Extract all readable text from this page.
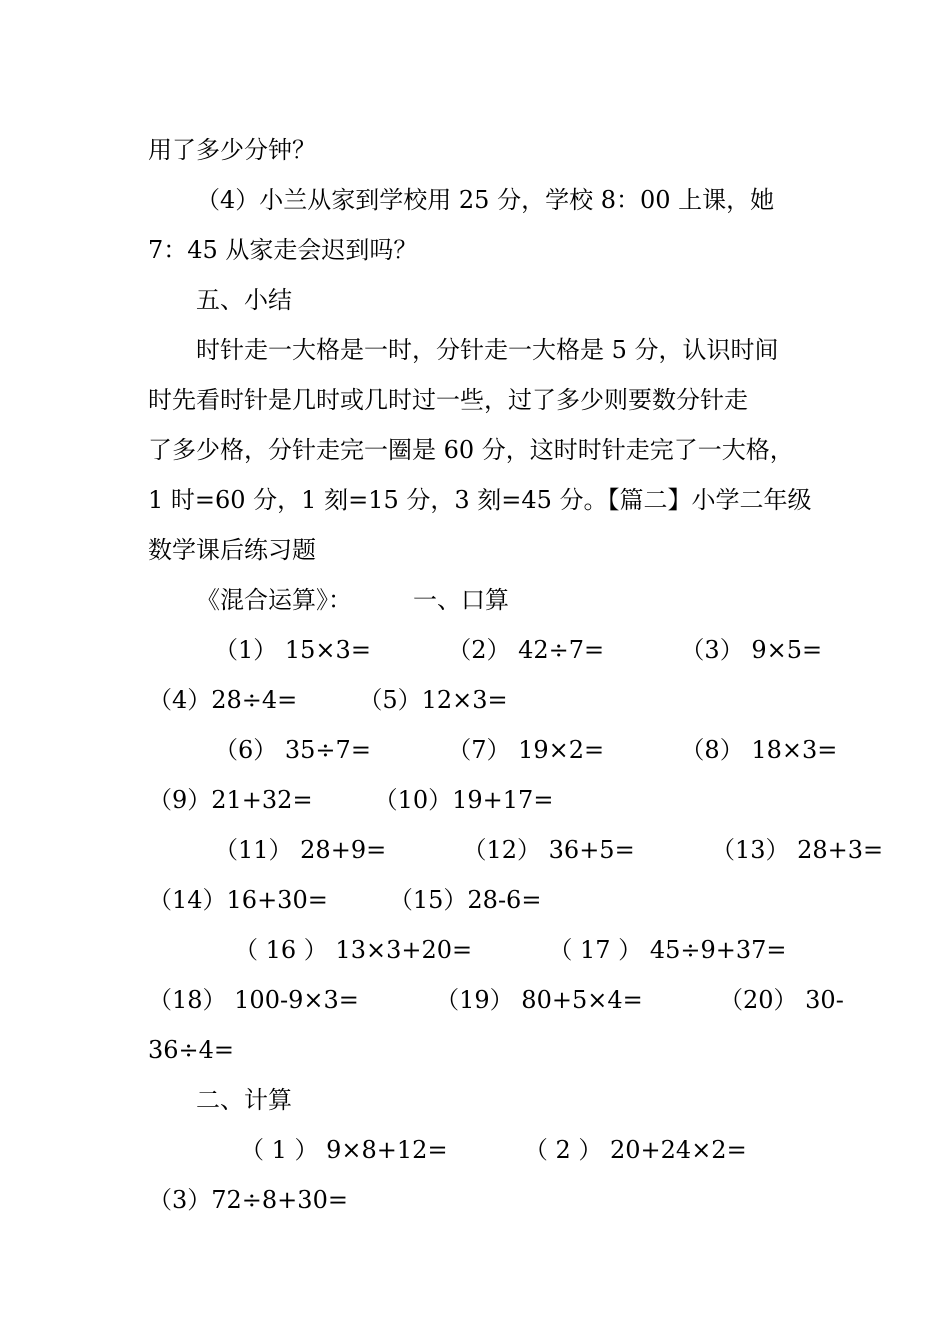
用了多少分钟？
（4）小兰从家到学校用 25 分，学校 8：00 上课，她
7：45 从家走会迟到吗？
五、小结
时针走一大格是一时，分针走一大格是 5 分，认识时间
时先看时针是几时或几时过一些，过了多少则要数分针走
了多少格，分针走完一圈是 60 分，这时时针走完了一大格，
1 时=60 分，1 刻=15 分，3 刻=45 分。【篇二】小学二年级
数学课后练习题
《混合运算》：        一、口算
（1） 15×3=          （2） 42÷7=          （3） 9×5=
（4）28÷4=        （5）12×3=
（6） 35÷7=          （7） 19×2=          （8） 18×3=
（9）21+32=        （10）19+17=
（11） 28+9=          （12） 36+5=          （13） 28+3=
（14）16+30=        （15）28-6=
（ 16 ） 13×3+20=          （ 17 ） 45÷9+37=
（18） 100-9×3=          （19） 80+5×4=          （20） 30-
36÷4=
二、计算
（ 1 ） 9×8+12=          （ 2 ） 20+24×2=
（3）72÷8+30=
